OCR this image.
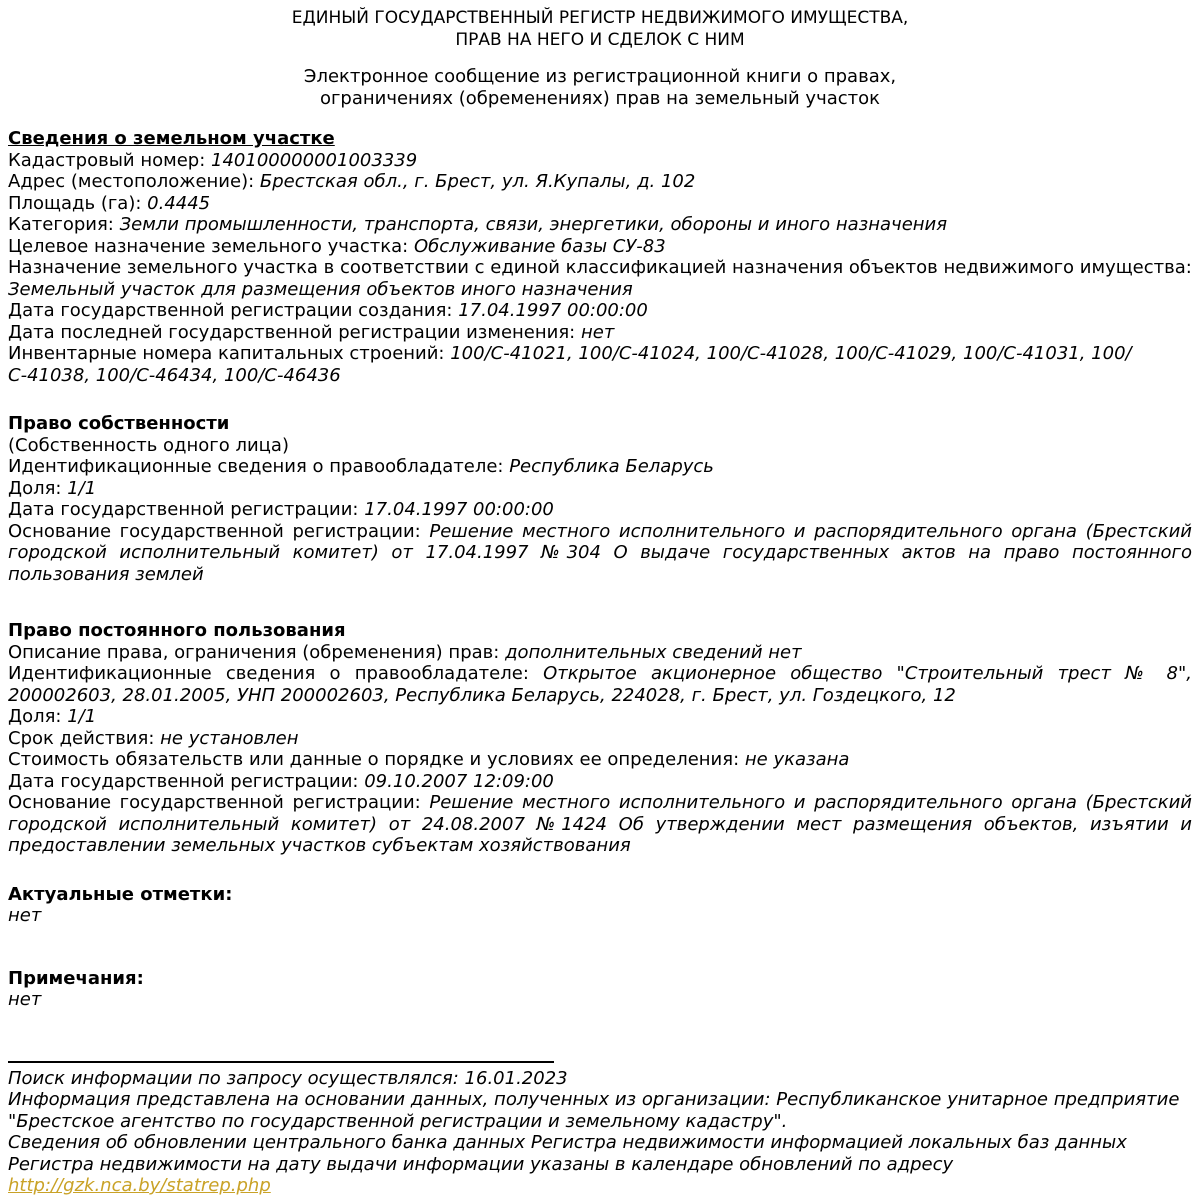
ЕДИНЫЙ ГОСУДАРСТВЕННЫЙ РЕГИСТР НЕДВИЖИМОГО ИМУЩЕСТВА,

ПРАВ НА НЕГО И СДЕЛОК С НИМ

Электронное сообщение из регистрационной книги о правах,

ограничениях (обременениях) прав на земельный участок

Сведения о земельном участке

Кадастровый номер: 140100000001003339

Адрес (местоположение): Брестская обл., г. Брест, ул. Я.Купалы, д. 102

Площадь (га): 0.4445

Категория: Земли промышленности, транспорта, связи, энергетики, обороны и иного назначения

Целевое назначение земельного участка: Обслуживание базы СУ-83

Назначение земельного участка в соответствии с единой классификацией назначения объектов недвижимого имущества:

Земельный участок для размещения объектов иного назначения

Дата государственной регистрации создания: 17.04.1997 00:00:00

Дата последней государственной регистрации изменения: нет

Инвентарные номера капитальных строений: 100/С-41021, 100/С-41024, 100/С-41028, 100/С-41029, 100/С-41031, 100/С-41038, 100/С-46434, 100/С-46436

Право собственности

(Собственность одного лица)

Идентификационные сведения о правообладателе: Республика Беларусь

Доля: 1/1

Дата государственной регистрации: 17.04.1997 00:00:00

Основание государственной регистрации: Решение местного исполнительного и распорядительного органа (Брестский городской исполнительный комитет) от 17.04.1997 №304 О выдаче государственных актов на право постоянного пользования землей

Право постоянного пользования

Описание права, ограничения (обременения) прав: дополнительных сведений нет

Идентификационные сведения о правообладателе: Открытое акционерное общество "Строительный трест № 8", 200002603, 28.01.2005, УНП 200002603, Республика Беларусь, 224028, г. Брест, ул. Гоздецкого, 12

Доля: 1/1

Срок действия: не установлен

Стоимость обязательств или данные о порядке и условиях ее определения: не указана

Дата государственной регистрации: 09.10.2007 12:09:00

Основание государственной регистрации: Решение местного исполнительного и распорядительного органа (Брестский городской исполнительный комитет) от 24.08.2007 №1424 Об утверждении мест размещения объектов, изъятии и предоставлении земельных участков субъектам хозяйствования

Актуальные отметки:

нет

Примечания:

нет

Поиск информации по запросу осуществлялся: 16.01.2023

Информация представлена на основании данных, полученных из организации: Республиканское унитарное предприятие "Брестское агентство по государственной регистрации и земельному кадастру".

Сведения об обновлении центрального банка данных Регистра недвижимости информацией локальных баз данных Регистра недвижимости на дату выдачи информации указаны в календаре обновлений по адресу http://gzk.nca.by/statrep.php
